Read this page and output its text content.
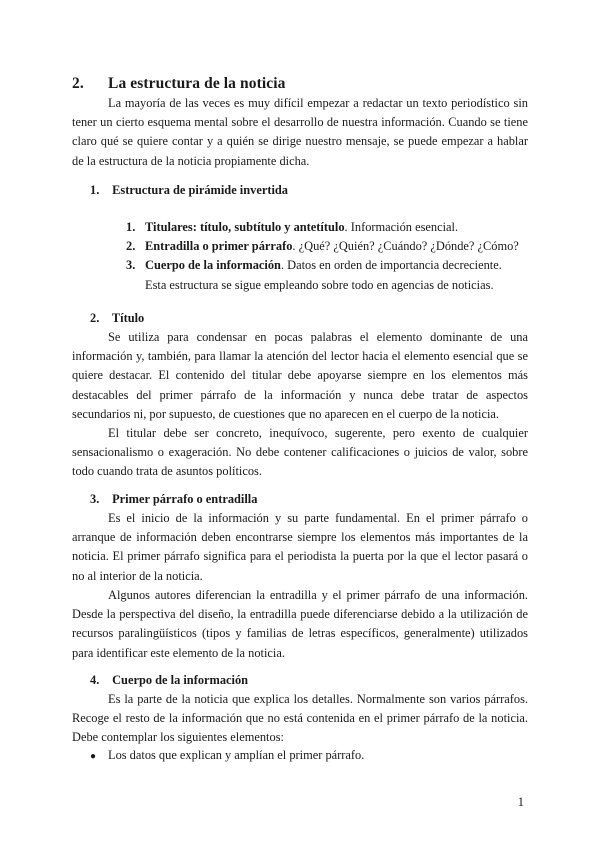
2. La estructura de la noticia

La mayoría de las veces es muy difícil empezar a redactar un texto periodístico sin tener un cierto esquema mental sobre el desarrollo de nuestra información. Cuando se tiene claro qué se quiere contar y a quién se dirige nuestro mensaje, se puede empezar a hablar de la estructura de la noticia propiamente dicha.

1. Estructura de pirámide invertida
1. Titulares: título, subtítulo y antetítulo. Información esencial.
2. Entradilla o primer párrafo. ¿Qué? ¿Quién? ¿Cuándo? ¿Dónde? ¿Cómo?
3. Cuerpo de la información. Datos en orden de importancia decreciente.
Esta estructura se sigue empleando sobre todo en agencias de noticias.
2. Título

Se utiliza para condensar en pocas palabras el elemento dominante de una información y, también, para llamar la atención del lector hacia el elemento esencial que se quiere destacar. El contenido del titular debe apoyarse siempre en los elementos más destacables del primer párrafo de la información y nunca debe tratar de aspectos secundarios ni, por supuesto, de cuestiones que no aparecen en el cuerpo de la noticia.

El titular debe ser concreto, inequívoco, sugerente, pero exento de cualquier sensacionalismo o exageración. No debe contener calificaciones o juicios de valor, sobre todo cuando trata de asuntos políticos.

3. Primer párrafo o entradilla

Es el inicio de la información y su parte fundamental. En el primer párrafo o arranque de información deben encontrarse siempre los elementos más importantes de la noticia. El primer párrafo significa para el periodista la puerta por la que el lector pasará o no al interior de la noticia.

Algunos autores diferencian la entradilla y el primer párrafo de una información. Desde la perspectiva del diseño, la entradilla puede diferenciarse debido a la utilización de recursos paralingüísticos (tipos y familias de letras específicos, generalmente) utilizados para identificar este elemento de la noticia.

4. Cuerpo de la información

Es la parte de la noticia que explica los detalles. Normalmente son varios párrafos. Recoge el resto de la información que no está contenida en el primer párrafo de la noticia. Debe contemplar los siguientes elementos:

● Los datos que explican y amplían el primer párrafo.
1
